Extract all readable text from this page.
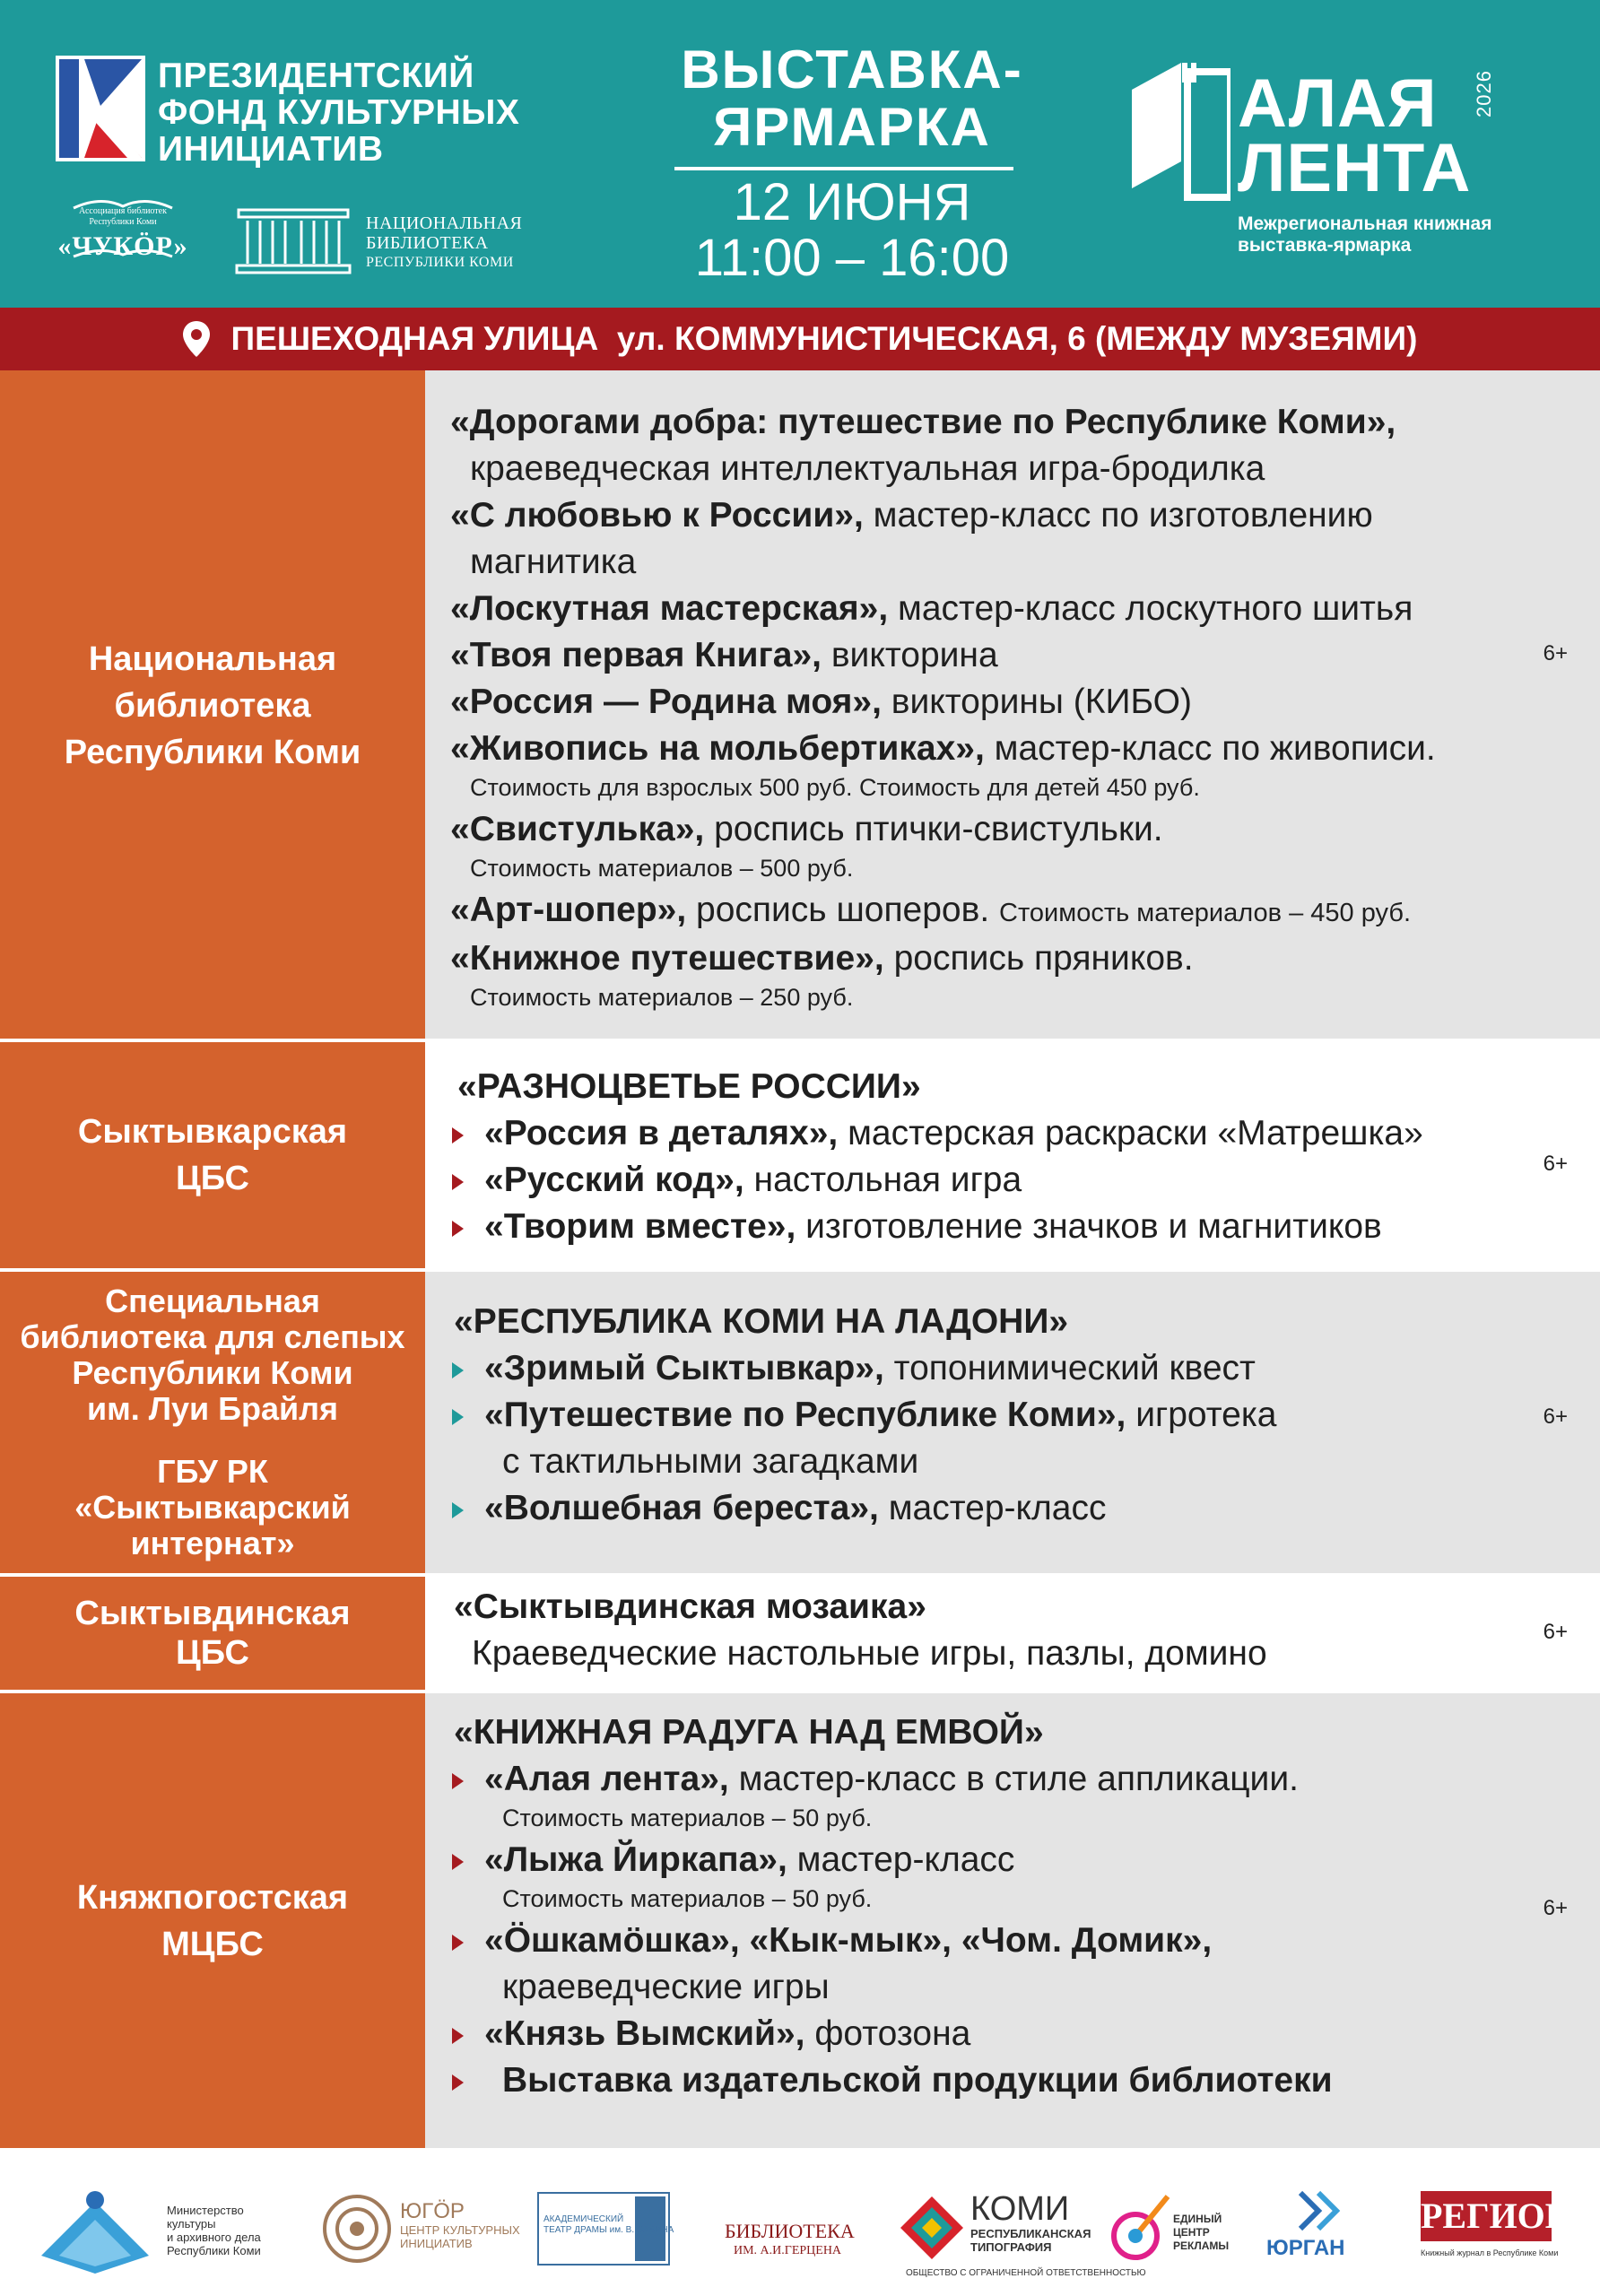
ПРЕЗИДЕНТСКИЙ
ФОНД КУЛЬТУРНЫХ
ИНИЦИАТИВ
Ассоциация библиотек
Республики Коми
«ЧУКӦР»
НАЦИОНАЛЬНАЯ
БИБЛИОТЕКА
РЕСПУБЛИКИ КОМИ
ВЫСТАВКА-
ЯРМАРКА
12 ИЮНЯ
11:00 – 16:00
АЛАЯ
ЛЕНТА
2026
Межрегиональная книжная
выставка-ярмарка
ПЕШЕХОДНАЯ УЛИЦА  ул. КОММУНИСТИЧЕСКАЯ, 6 (МЕЖДУ МУЗЕЯМИ)
Национальная
библиотека
Республики Коми
«Дорогами добра: путешествие по Республике Коми»,
краеведческая интеллектуальная игра-бродилка
«С любовью к России», мастер-класс по изготовлению
магнитика
«Лоскутная мастерская», мастер-класс лоскутного шитья
«Твоя первая Книга», викторина
«Россия — Родина моя», викторины (КИБО)
«Живопись на мольбертиках», мастер-класс по живописи.
Стоимость для взрослых 500 руб. Стоимость для детей 450 руб.
«Свистулька», роспись птички-свистульки.
Стоимость материалов – 500 руб.
«Арт-шопер», роспись шоперов. Стоимость материалов – 450 руб.
«Книжное путешествие», роспись пряников.
Стоимость материалов – 250 руб.
6+
Сыктывкарская
ЦБС
«РАЗНОЦВЕТЬЕ РОССИИ»
«Россия в деталях», мастерская раскраски «Матрешка»
«Русский код», настольная игра
«Творим вместе», изготовление значков и магнитиков
6+
Специальная
библиотека для слепых
Республики Коми
им. Луи Брайля
ГБУ РК
«Сыктывкарский
интернат»
«РЕСПУБЛИКА КОМИ НА ЛАДОНИ»
«Зримый Сыктывкар», топонимический квест
«Путешествие по Республике Коми», игротека
с тактильными загадками
«Волшебная береста», мастер-класс
6+
Сыктывдинская
ЦБС
«Сыктывдинская мозаика»
Краеведческие настольные игры, пазлы, домино
6+
Княжпогостская
МЦБС
«КНИЖНАЯ РАДУГА НАД ЕМВОЙ»
«Алая лента», мастер-класс в стиле аппликации.
Стоимость материалов – 50 руб.
«Лыжа Йиркапа», мастер-класс
Стоимость материалов – 50 руб.
«Ӧшкамӧшка», «Кык-мык», «Чом. Домик»,
краеведческие игры
«Князь Вымский», фотозона
Выставка издательской продукции библиотеки
6+
Министерство
культуры
и архивного дела
Республики Коми
ЮГӦР
ЦЕНТР КУЛЬТУРНЫХ
ИНИЦИАТИВ
АКАДЕМИЧЕСКИЙ
ТЕАТР ДРАМЫ им. В. САВИНА	БИБЛИОТЕКА
ИМ. А.И.ГЕРЦЕНА
КОМИ
РЕСПУБЛИКАНСКАЯ
ТИПОГРАФИЯ
ОБЩЕСТВО С ОГРАНИЧЕННОЙ ОТВЕТСТВЕННОСТЬЮ
ЕДИНЫЙ
ЦЕНТР
РЕКЛАМЫ ЮРГАН
РЕГИОН
Книжный журнал в Республике Коми
